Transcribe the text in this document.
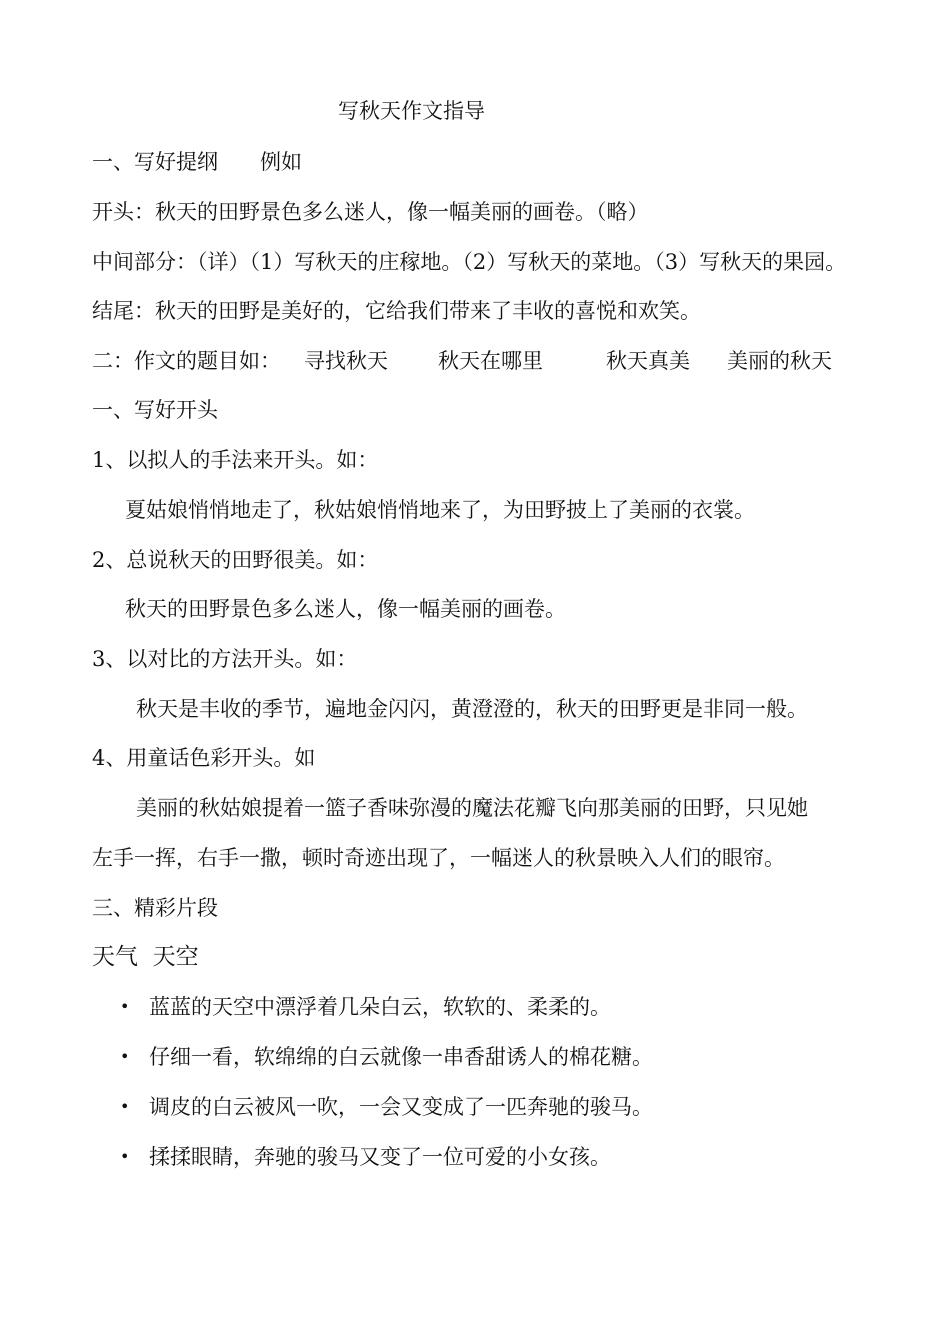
写秋天作文指导
一、写好提纲　　例如
开头：秋天的田野景色多么迷人，像一幅美丽的画卷。（略）
中间部分：（详）（1）写秋天的庄稼地。（2）写秋天的菜地。（3）写秋天的果园。
结尾：秋天的田野是美好的，它给我们带来了丰收的喜悦和欢笑。
二：作文的题目如： 寻找秋天 秋天在哪里	秋天真美 美丽的秋天
一、写好开头
1、以拟人的手法来开头。如：
夏姑娘悄悄地走了，秋姑娘悄悄地来了，为田野披上了美丽的衣裳。
2、总说秋天的田野很美。如：
秋天的田野景色多么迷人，像一幅美丽的画卷。
3、以对比的方法开头。如：
秋天是丰收的季节，遍地金闪闪，黄澄澄的，秋天的田野更是非同一般。
4、用童话色彩开头。如
美丽的秋姑娘提着一篮子香味弥漫的魔法花瓣飞向那美丽的田野，只见她
左手一挥，右手一撒，顿时奇迹出现了，一幅迷人的秋景映入人们的眼帘。
三、精彩片段
天气  天空

•

蓝蓝的天空中漂浮着几朵白云，软软的、柔柔的。

•

仔细一看，软绵绵的白云就像一串香甜诱人的棉花糖。

•

调皮的白云被风一吹，一会又变成了一匹奔驰的骏马。

•

揉揉眼睛，奔驰的骏马又变了一位可爱的小女孩。
